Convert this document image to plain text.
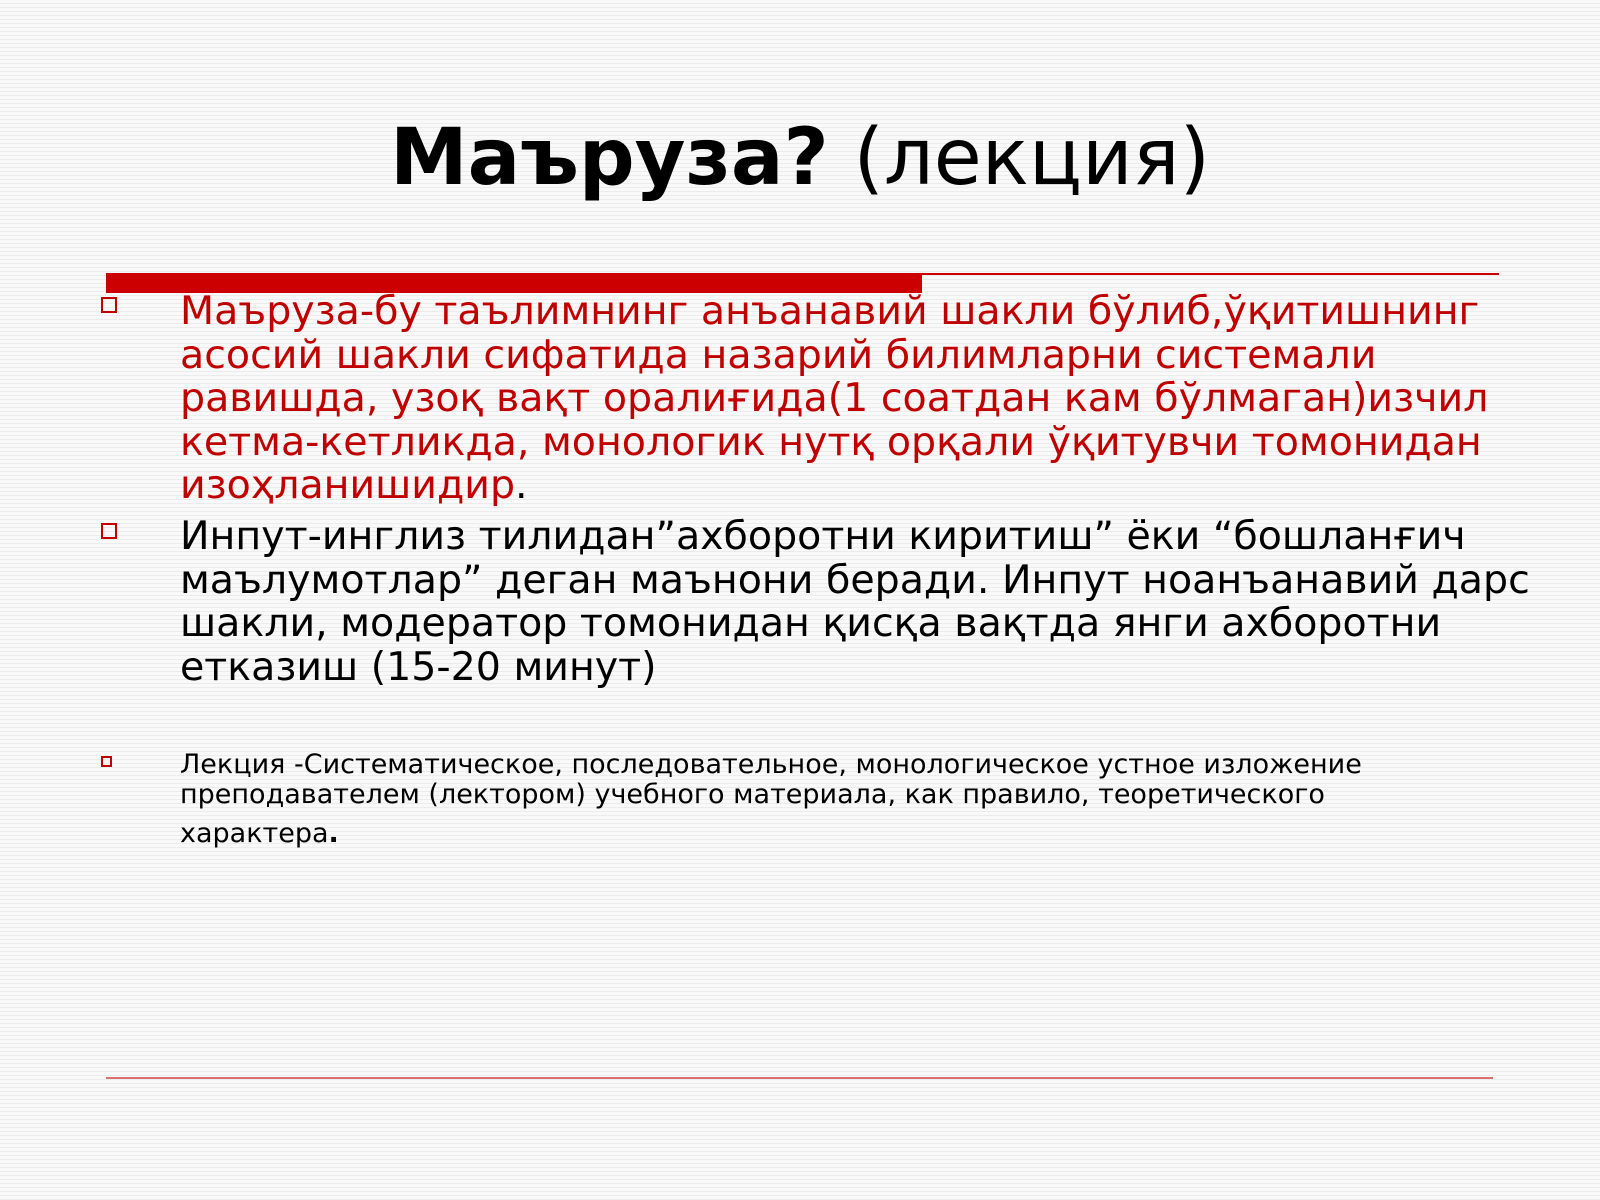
Маъруза? (лекция)
Маъруза-бу таълимнинг анъанавий шакли бўлиб,ўқитишнинг асосий шакли сифатида назарий билимларни системали равишда, узоқ вақт оралиғида(1 соатдан кам бўлмаган)изчил кетма-кетликда, монологик нутқ орқали ўқитувчи томонидан изоҳланишидир.
Инпут-инглиз тилидан”ахборотни киритиш” ёки “бошланғич маълумотлар” деган маънони беради. Инпут ноанъанавий дарс шакли, модератор томонидан қисқа вақтда янги ахборотни етказиш (15-20 минут)
Лекция -Систематическое, последовательное, монологическое устное изложение преподавателем (лектором) учебного материала, как правило, теоретического
характера.
